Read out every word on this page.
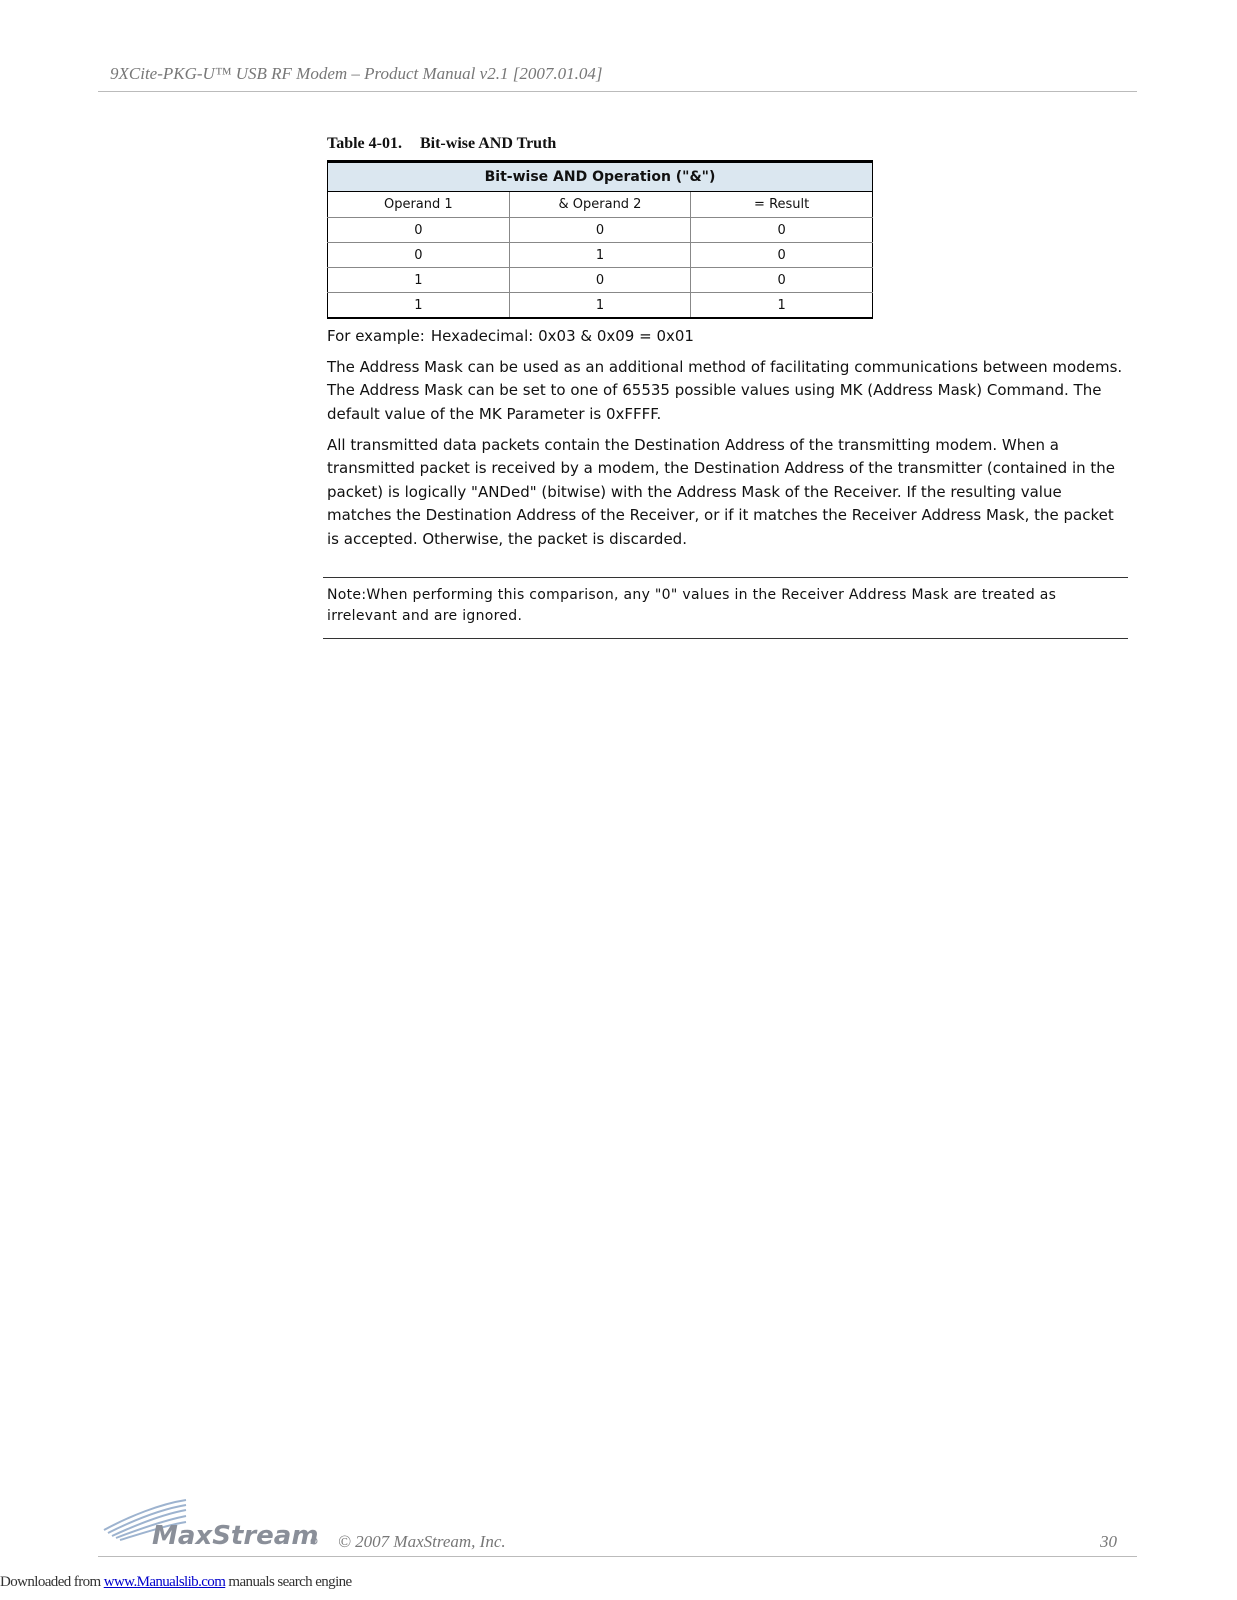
9XCite-PKG-U™ USB RF Modem – Product Manual v2.1 [2007.01.04]
Table 4-01. Bit-wise AND Truth
Bit-wise AND Operation ("&")		
Operand 1	& Operand 2	= Result
0	0	0
0	1	0
1	0	0
1	1	1
For example: Hexadecimal: 0x03 & 0x09 = 0x01

The Address Mask can be used as an additional method of facilitating communications between modems. The Address Mask can be set to one of 65535 possible values using MK (Address Mask) Command. The default value of the MK Parameter is 0xFFFF.

All transmitted data packets contain the Destination Address of the transmitting modem. When a transmitted packet is received by a modem, the Destination Address of the transmitter (contained in the packet) is logically "ANDed" (bitwise) with the Address Mask of the Receiver. If the resulting value matches the Destination Address of the Receiver, or if it matches the Receiver Address Mask, the packet is accepted. Otherwise, the packet is discarded.

Note:When performing this comparison, any "0" values in the Receiver Address Mask are treated as irrelevant and are ignored.

MaxStream © 2007 MaxStream, Inc.	30
Downloaded from www.Manualslib.com manuals search engine
